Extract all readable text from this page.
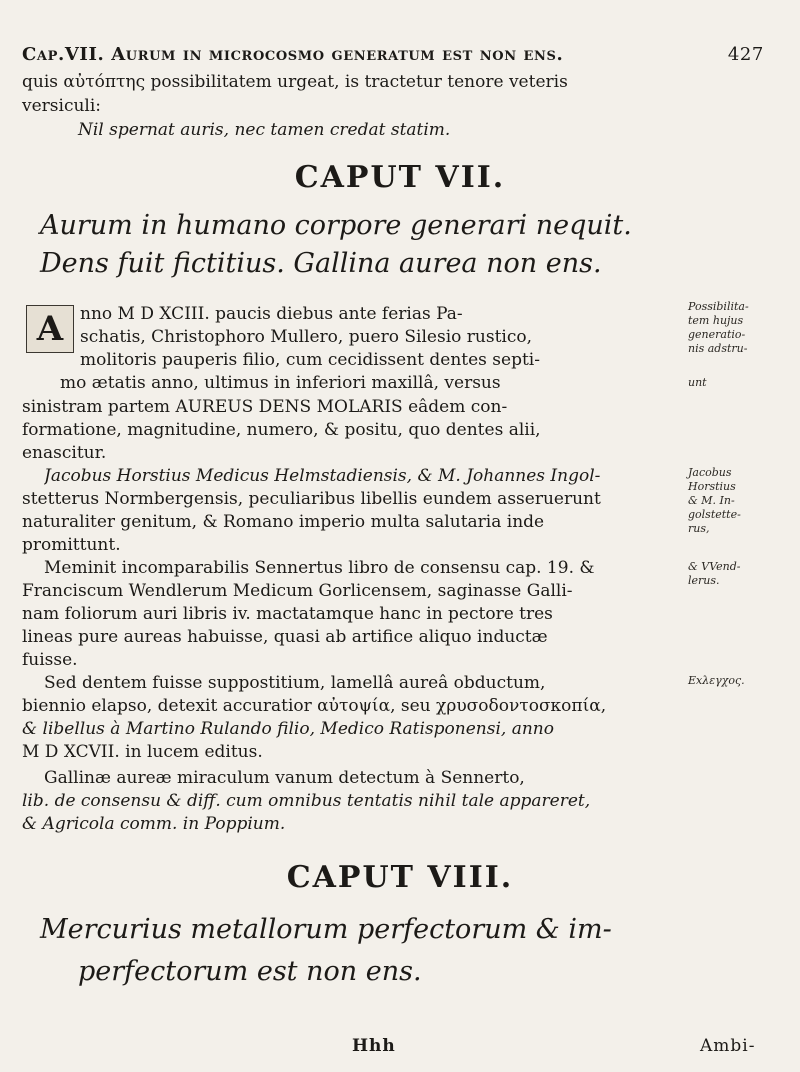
Cap.VII. Aurum in microcosmo generatum est non ens.	427
quis αὐτόπτης possibilitatem urgeat, is tractetur tenore veteris
versiculi:
Nil spernat auris, nec tamen credat statim.
CAPUT VII.
Aurum in humano corpore generari nequit.
Dens fuit fictitius. Gallina aurea non ens.
A nno M D XCIII. paucis diebus ante ferias Pa-
schatis, Christophoro Mullero, puero Silesio rustico,
molitoris pauperis filio, cum cecidissent dentes septi-
mo ætatis anno, ultimus in inferiori maxillâ, versus
sinistram partem AUREUS DENS MOLARIS eâdem con-
formatione, magnitudine, numero, & positu, quo dentes alii,
enascitur.
Jacobus Horstius Medicus Helmstadiensis, & M. Johannes Ingol-
stetterus Normbergensis, peculiaribus libellis eundem asseruerunt
naturaliter genitum, & Romano imperio multa salutaria inde
promittunt.
Meminit incomparabilis Sennertus libro de consensu cap. 19. &
Franciscum Wendlerum Medicum Gorlicensem, saginasse Galli-
nam foliorum auri libris iv. mactatamque hanc in pectore tres
lineas pure aureas habuisse, quasi ab artifice aliquo inductæ
fuisse.
Sed dentem fuisse suppostitium, lamellâ aureâ obductum,
biennio elapso, detexit accuratior αὐτοψία, seu χρυσοδοντοσκοπία,
& libellus à Martino Rulando filio, Medico Ratisponensi, anno
M D XCVII. in lucem editus.
Gallinæ aureæ miraculum vanum detectum à Sennerto,
lib. de consensu & diff. cum omnibus tentatis nihil tale appareret,
& Agricola comm. in Poppium.
Possibilita-
tem hujus
generatio-
nis adstru-
unt
Jacobus
Horstius
& M. In-
golstette-
rus,
& VVend-
lerus.
Exλεγχος.
CAPUT VIII.
Mercurius metallorum perfectorum & im-
perfectorum est non ens.
Hhh	Ambi-
